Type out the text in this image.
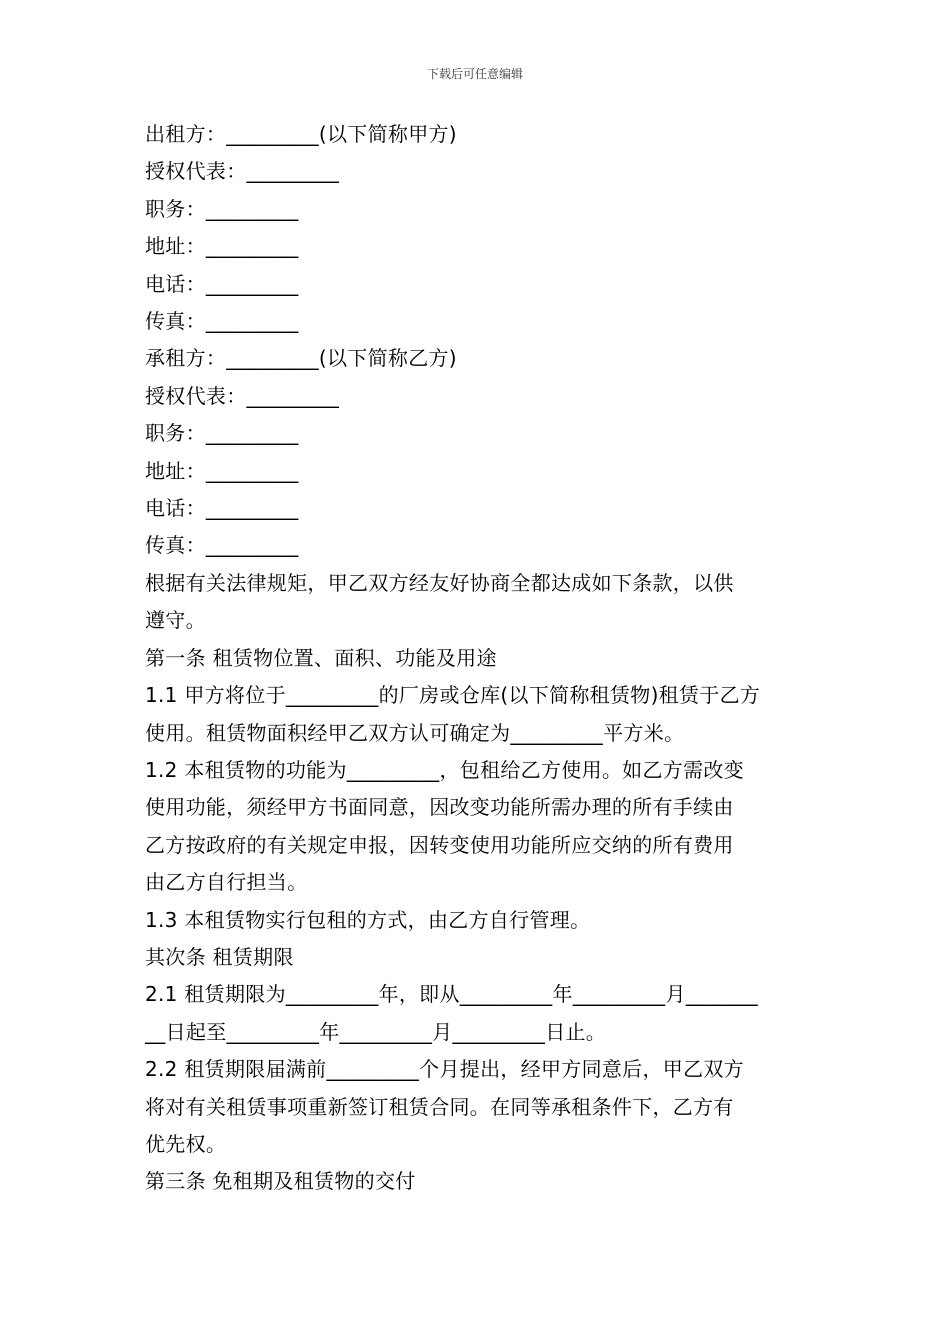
下载后可任意编辑
出租方：_________(以下简称甲方)
授权代表：_________
职务：_________
地址：_________
电话：_________
传真：_________
承租方：_________(以下简称乙方)
授权代表：_________
职务：_________
地址：_________
电话：_________
传真：_________
根据有关法律规矩，甲乙双方经友好协商全都达成如下条款，以供
遵守。
第一条 租赁物位置、面积、功能及用途
1.1 甲方将位于_________的厂房或仓库(以下简称租赁物)租赁于乙方
使用。租赁物面积经甲乙双方认可确定为_________平方米。
1.2 本租赁物的功能为_________，包租给乙方使用。如乙方需改变
使用功能，须经甲方书面同意，因改变功能所需办理的所有手续由
乙方按政府的有关规定申报，因转变使用功能所应交纳的所有费用
由乙方自行担当。
1.3 本租赁物实行包租的方式，由乙方自行管理。
其次条 租赁期限
2.1 租赁期限为_________年，即从_________年_________月_______
__日起至_________年_________月_________日止。
2.2 租赁期限届满前_________个月提出，经甲方同意后，甲乙双方
将对有关租赁事项重新签订租赁合同。在同等承租条件下，乙方有
优先权。
第三条 免租期及租赁物的交付
